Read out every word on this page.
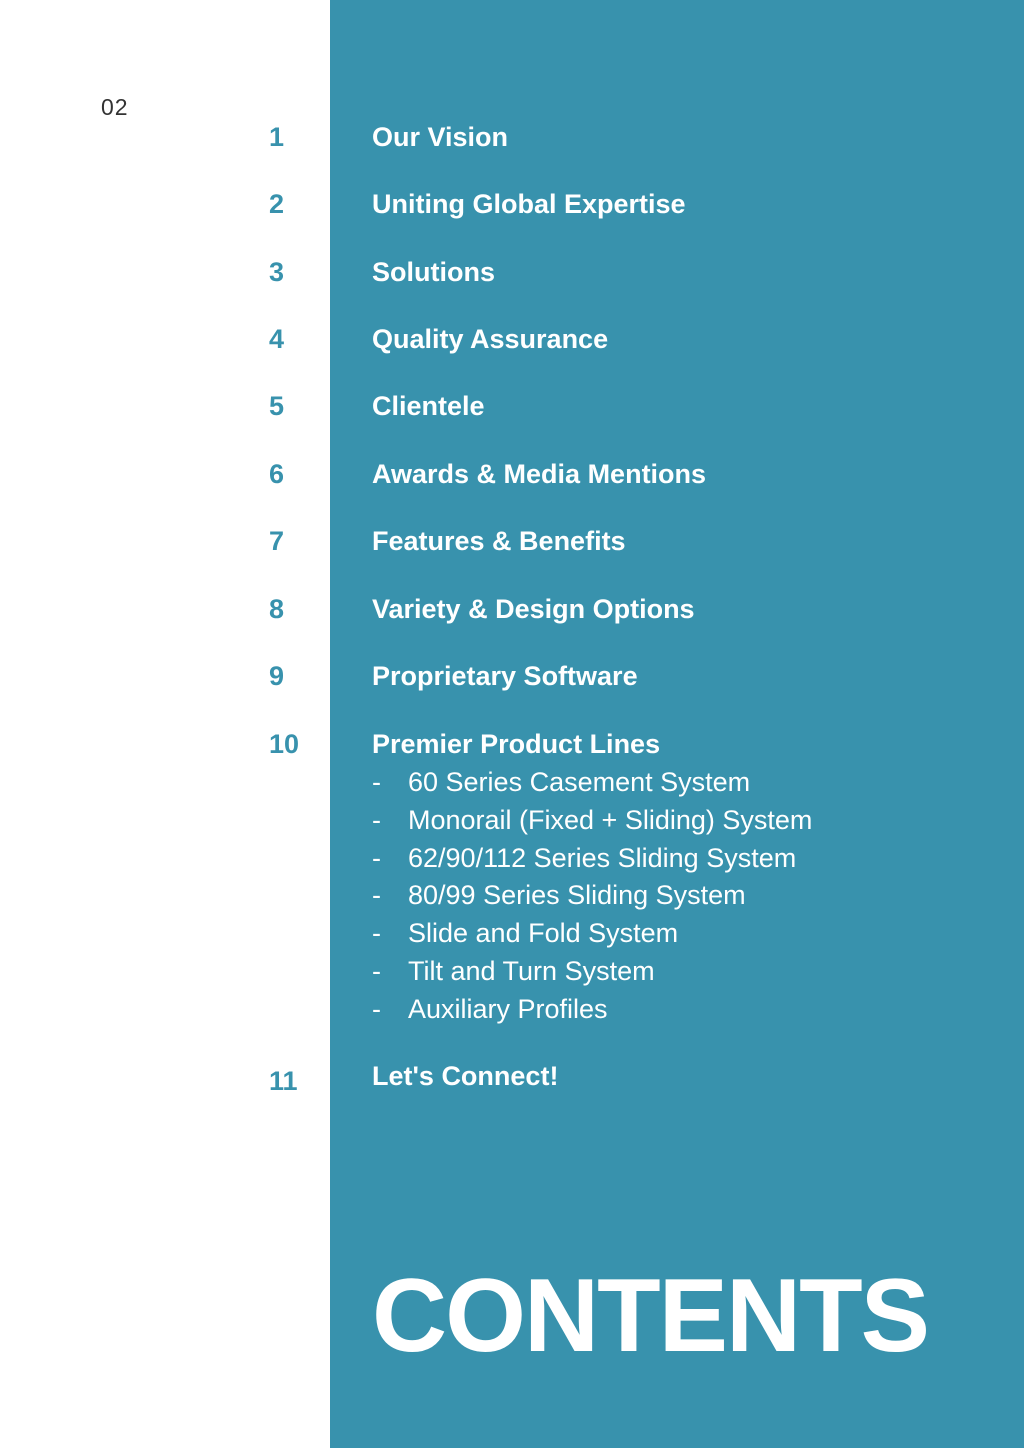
02
1	Our Vision
2	Uniting Global Expertise
3	Solutions
4	Quality Assurance
5	Clientele
6	Awards & Media Mentions
7	Features & Benefits
8	Variety & Design Options
9	Proprietary Software
10	Premier Product Lines
- 60 Series Casement System
- Monorail (Fixed + Sliding) System
- 62/90/112 Series Sliding System
- 80/99 Series Sliding System
- Slide and Fold System
- Tilt and Turn System
- Auxiliary Profiles
11	Let's Connect!
CONTENTS
